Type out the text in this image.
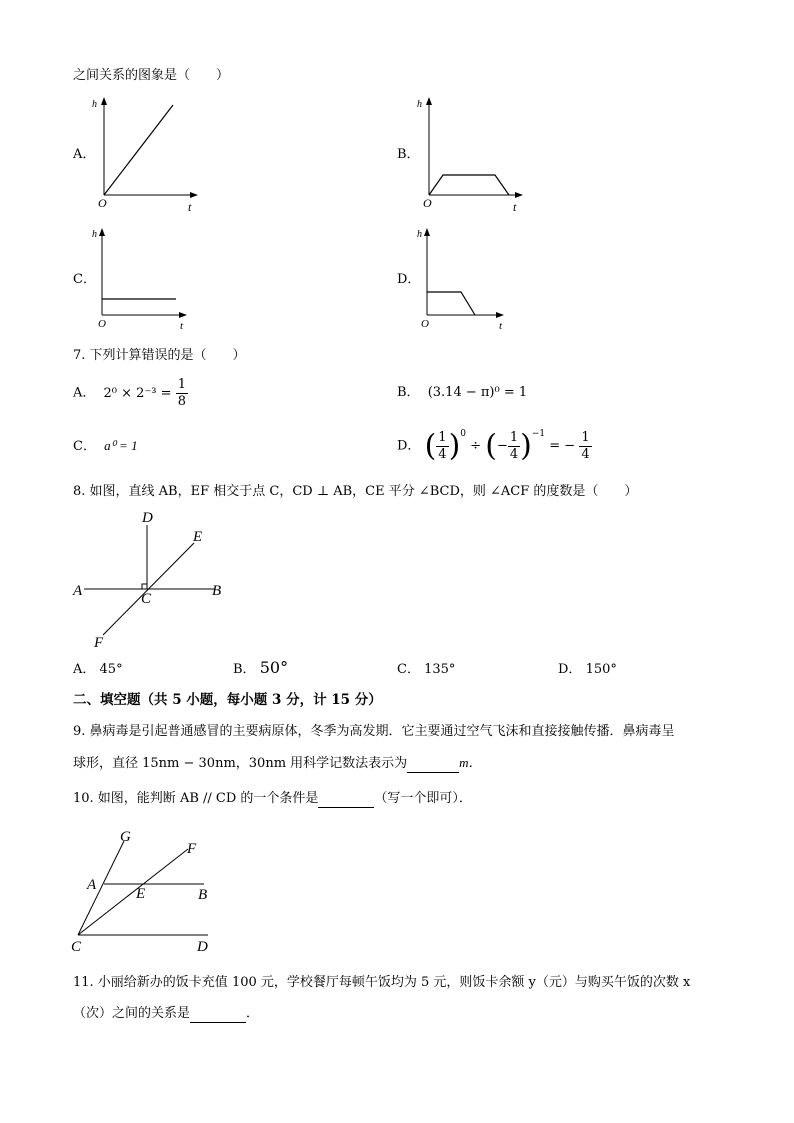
之间关系的图象是（　　）
A．
h
O	t
B．
h
O	t
C．
h
O	t
D．
h
O	t
7. 下列计算错误的是（　　）
A． $2^0 \times 2^{-3} = \frac{1}{8}$	B． (3.14 − π)⁰ = 1
C． a⁰ = 1	D． ( $\frac{1}{4} )^0$ ÷ (− $\frac{1}{4} )^{-1}$ = − $\frac{1}{4}$
8. 如图，直线 AB，EF 相交于点 C，CD ⊥ AB，CE 平分 ∠BCD，则 ∠ACF 的度数是（　　）
A	B
C
D
E
F
A． 45°	B． 50°	C． 135°	D． 150°
二、填空题（共 5 小题，每小题 3 分，计 15 分）
9. 鼻病毒是引起普通感冒的主要病原体，冬季为高发期．它主要通过空气飞沫和直接接触传播．鼻病毒呈
球形，直径 15nm − 30nm，30nm 用科学记数法表示为	m．
10. 如图，能判断 AB // CD 的一个条件是	（写一个即可）．
G
F
A
E	B
C	D
11. 小丽给新办的饭卡充值 100 元，学校餐厅每顿午饭均为 5 元，则饭卡余额 y（元）与购买午饭的次数 x
（次）之间的关系是	．
